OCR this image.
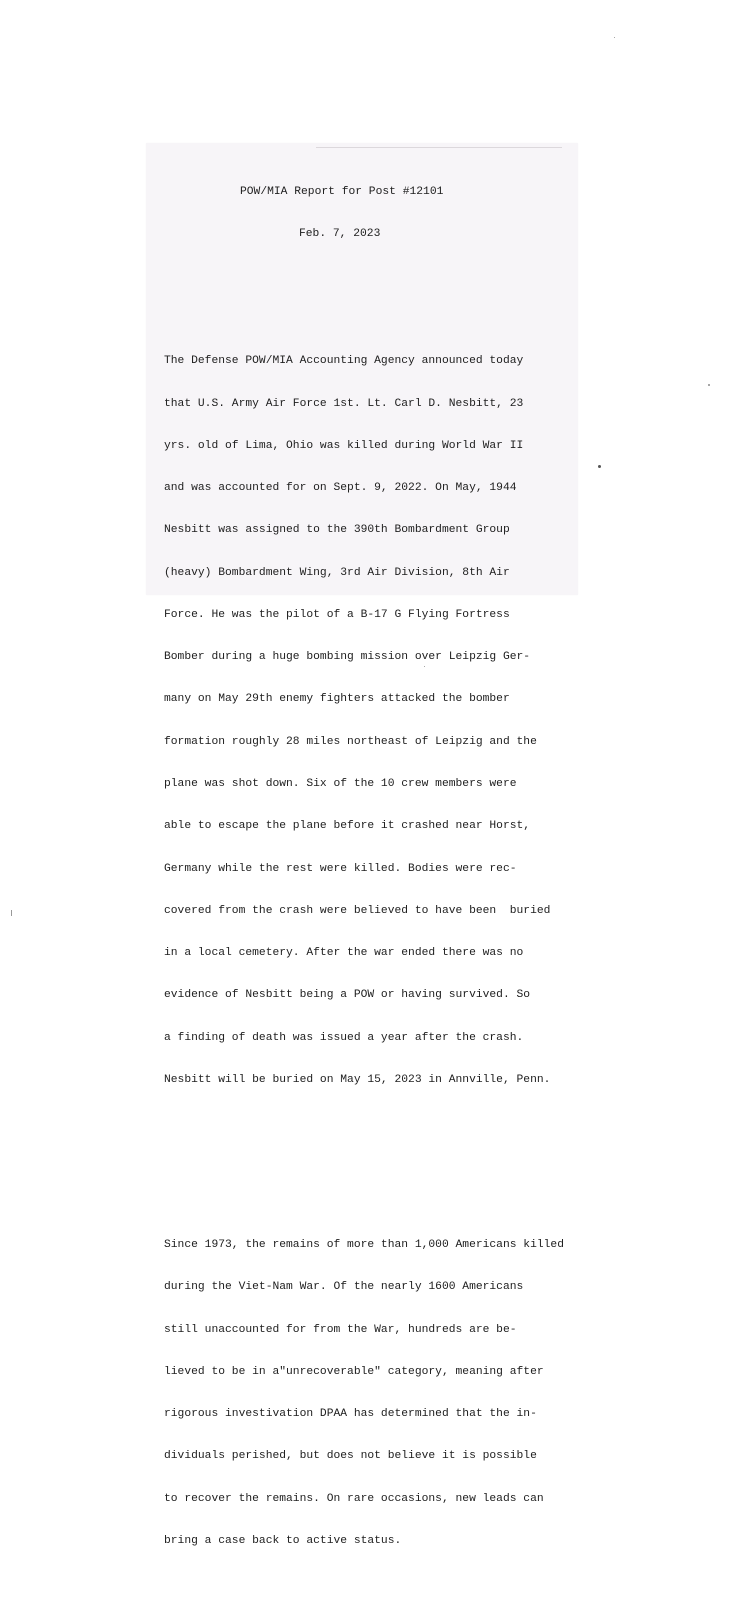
POW/MIA Report for Post #12101

Feb. 7, 2023

The Defense POW/MIA Accounting Agency announced today

that U.S. Army Air Force 1st. Lt. Carl D. Nesbitt, 23

yrs. old of Lima, Ohio was killed during World War II

and was accounted for on Sept. 9, 2022. On May, 1944

Nesbitt was assigned to the 390th Bombardment Group

(heavy) Bombardment Wing, 3rd Air Division, 8th Air

Force. He was the pilot of a B-17 G Flying Fortress

Bomber during a huge bombing mission over Leipzig Ger-

many on May 29th enemy fighters attacked the bomber

formation roughly 28 miles northeast of Leipzig and the

plane was shot down. Six of the 10 crew members were

able to escape the plane before it crashed near Horst,

Germany while the rest were killed. Bodies were rec-

covered from the crash were believed to have been  buried

in a local cemetery. After the war ended there was no

evidence of Nesbitt being a POW or having survived. So

a finding of death was issued a year after the crash.

Nesbitt will be buried on May 15, 2023 in Annville, Penn.

Since 1973, the remains of more than 1,000 Americans killed

during the Viet-Nam War. Of the nearly 1600 Americans

still unaccounted for from the War, hundreds are be-

lieved to be in a"unrecoverable" category, meaning after

rigorous investivation DPAA has determined that the in-

dividuals perished, but does not believe it is possible

to recover the remains. On rare occasions, new leads can

bring a case back to active status.
